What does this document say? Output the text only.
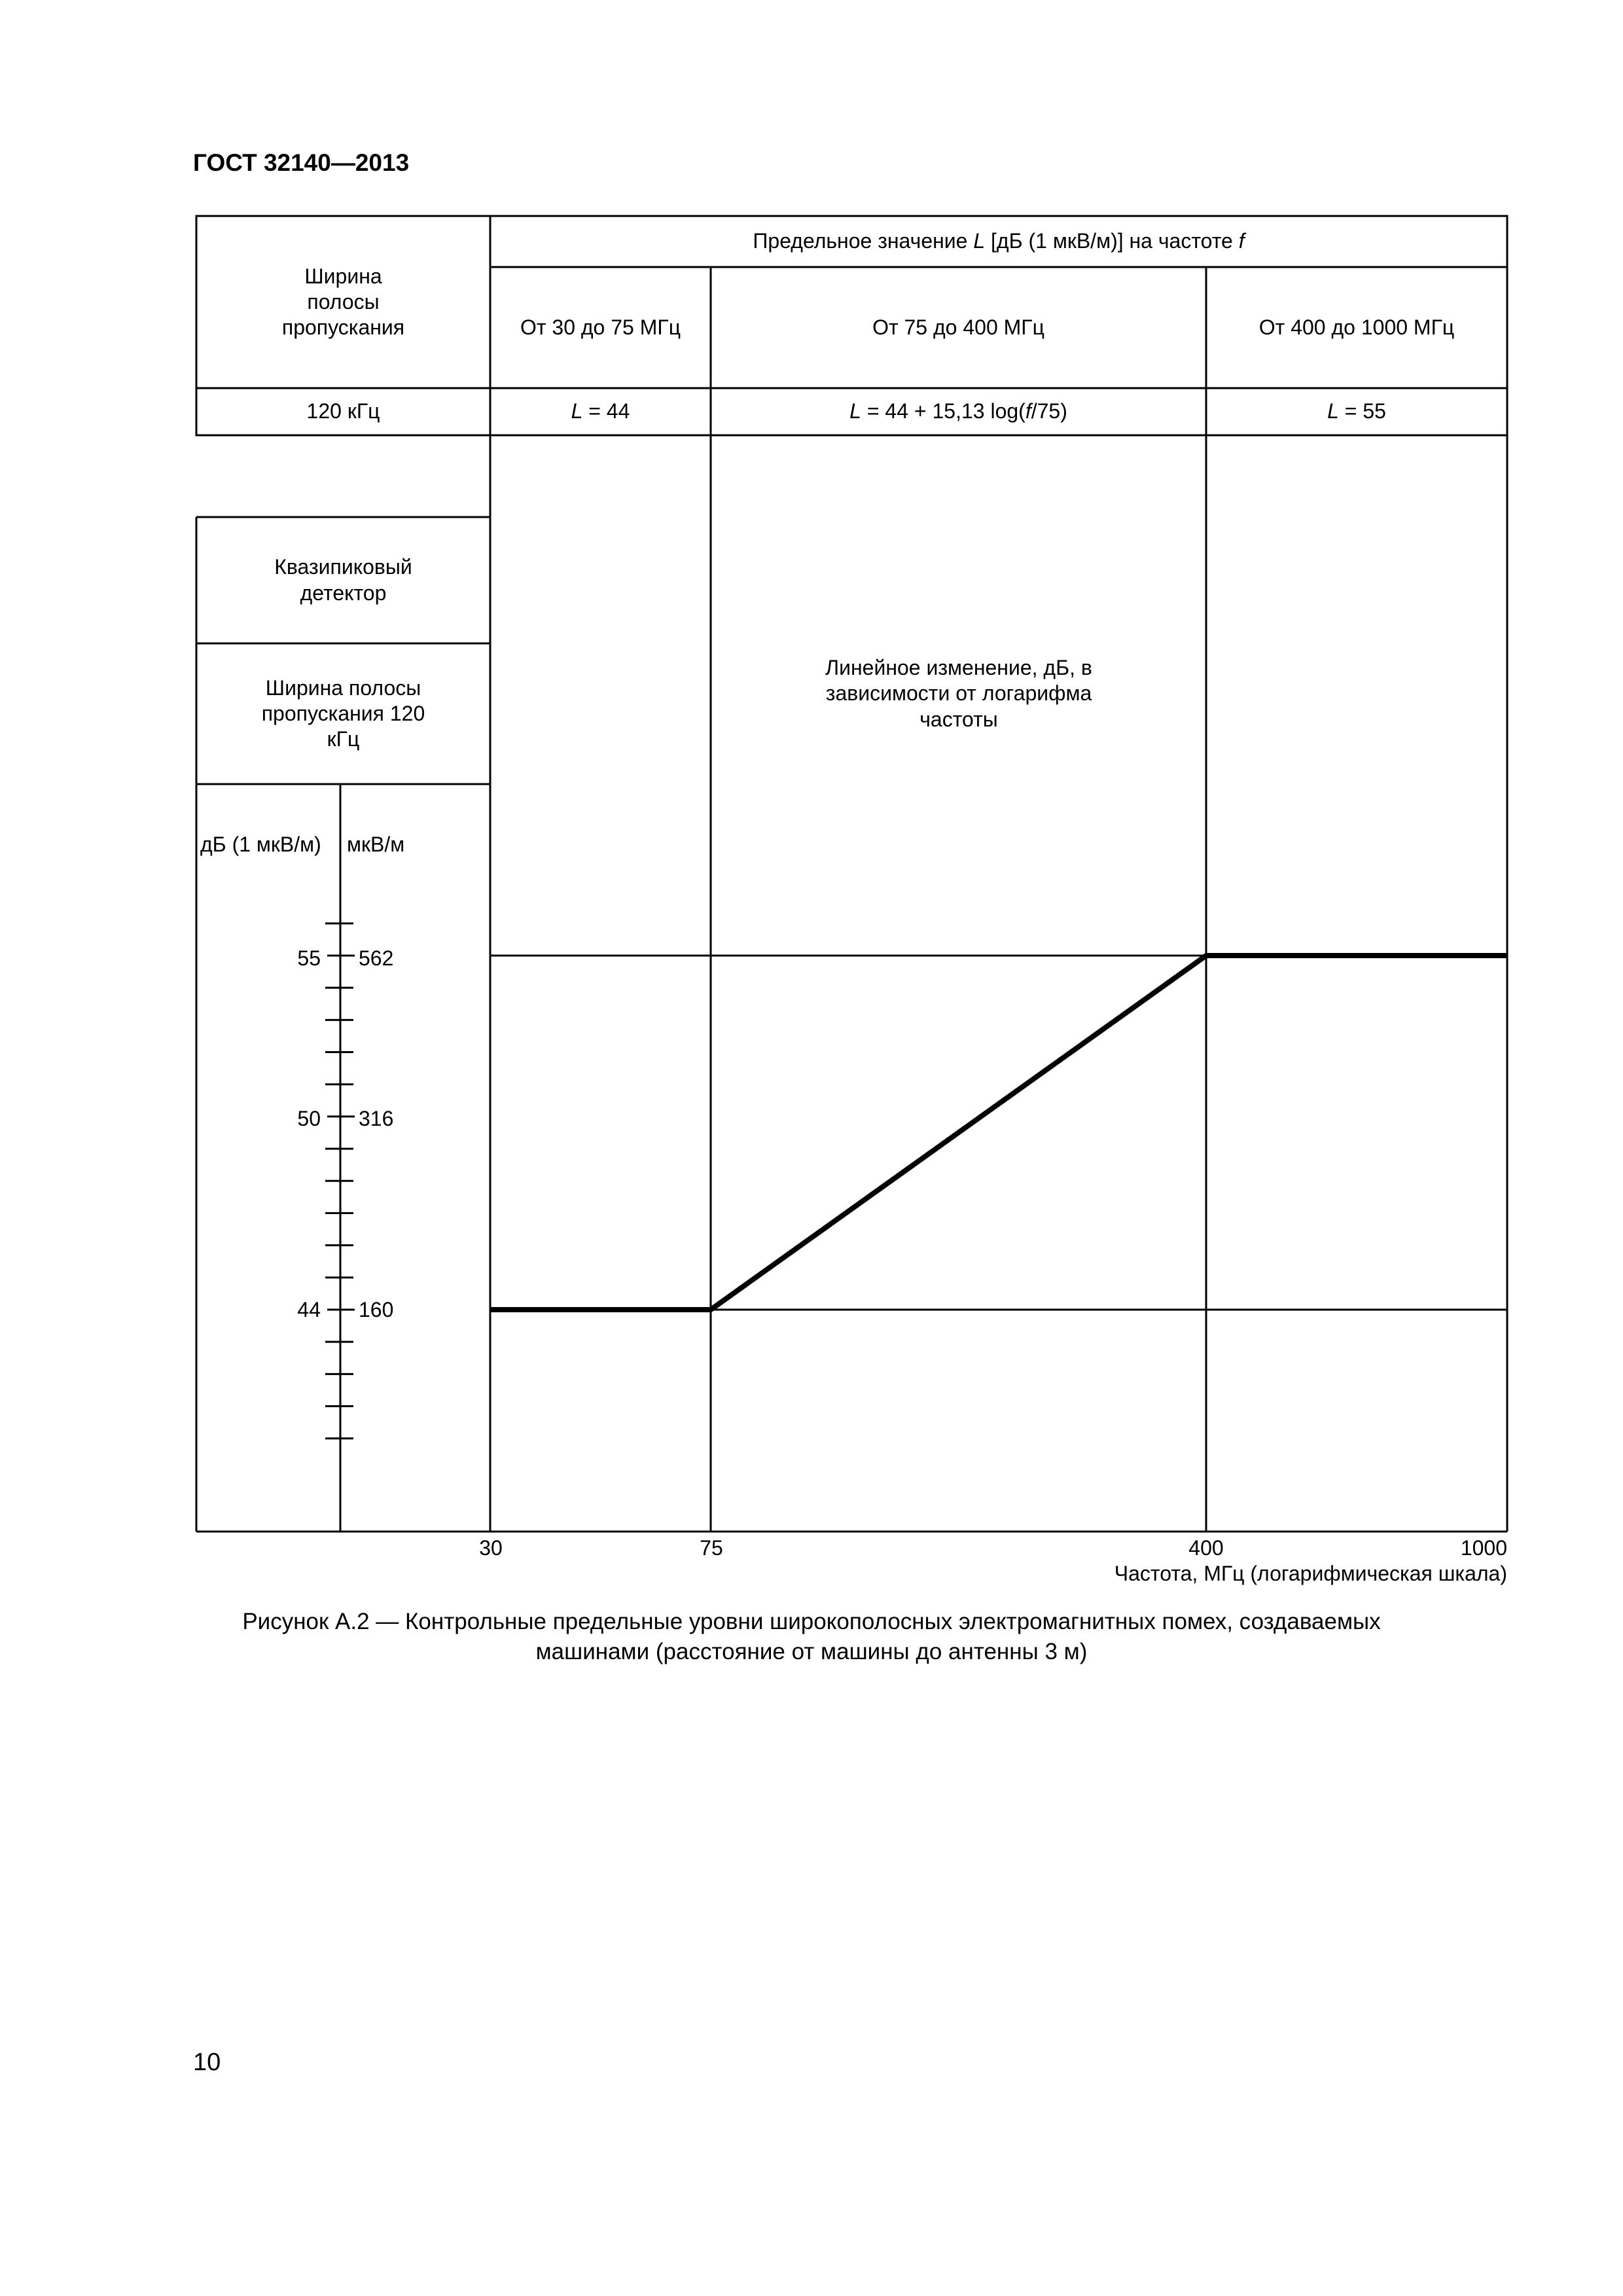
ГОСТ 32140—2013
Ширина полосы пропускания
Предельное значение L [дБ (1 мкВ/м)] на частоте f
От 30 до 75 МГц	От 75 до 400 МГц	От 400 до 1000 МГц
120 кГц	L = 44	L = 44 + 15,13 log(f/75)	L = 55
Квазипиковый детектор
Ширина полосы пропускания 120 кГц
дБ (1 мкВ/м) мкВ/м
55 562
50 316
44 160
Линейное изменение, дБ, в зависимости от логарифма частоты
30	75	400	1000
Частота, МГц (логарифмическая шкала)
Рисунок А.2 — Контрольные предельные уровни широкополосных электромагнитных помех, создаваемых
машинами (расстояние от машины до антенны 3 м)
10
